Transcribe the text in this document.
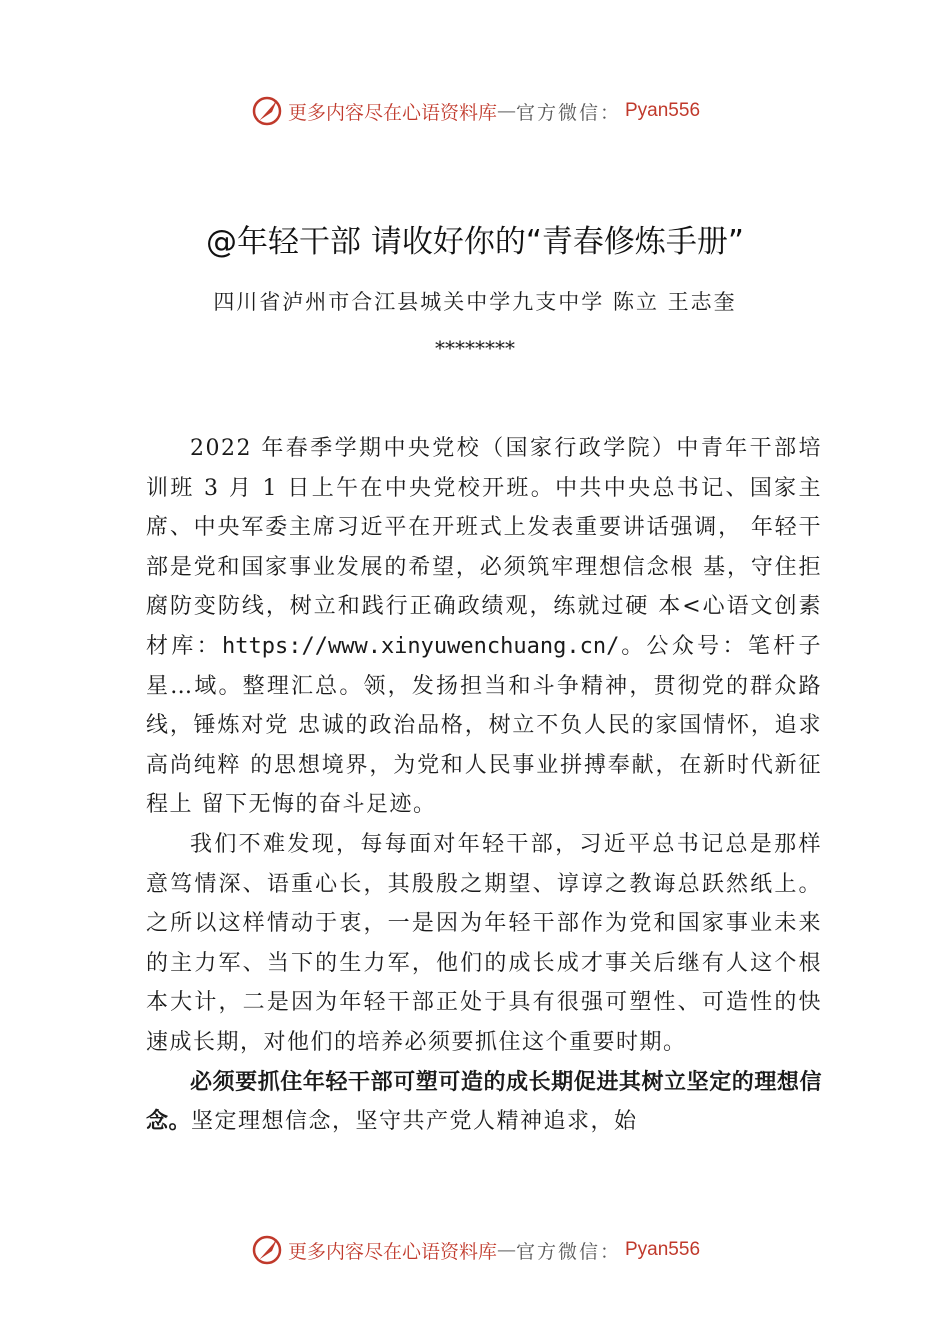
更多内容尽在心语资料库 — 官方微信： Pyan556
@年轻干部 请收好你的“青春修炼手册”
四川省泸州市合江县城关中学九支中学 陈立 王志奎
********

2022 年春季学期中央党校（国家行政学院）中青年干部培训班 3 月 1 日上午在中央党校开班。中共中央总书记、国家主席、中央军委主席习近平在开班式上发表重要讲话强调， 年轻干部是党和国家事业发展的希望，必须筑牢理想信念根 基，守住拒腐防变防线，树立和践行正确政绩观，练就过硬 本<心语文创素材库：https://www.xinyuwenchuang.cn/。公众号：笔杆子星…域。整理汇总。领，发扬担当和斗争精神，贯彻党的群众路线，锤炼对党 忠诚的政治品格，树立不负人民的家国情怀，追求高尚纯粹 的思想境界，为党和人民事业拼搏奉献，在新时代新征程上 留下无悔的奋斗足迹。

我们不难发现，每每面对年轻干部，习近平总书记总是那样意笃情深、语重心长，其殷殷之期望、谆谆之教诲总跃然纸上。之所以这样情动于衷，一是因为年轻干部作为党和国家事业未来的主力军、当下的生力军，他们的成长成才事关后继有人这个根本大计，二是因为年轻干部正处于具有很强可塑性、可造性的快速成长期，对他们的培养必须要抓住这个重要时期。

必须要抓住年轻干部可塑可造的成长期促进其树立坚定的理想信念。坚定理想信念，坚守共产党人精神追求，始

更多内容尽在心语资料库 — 官方微信： Pyan556
